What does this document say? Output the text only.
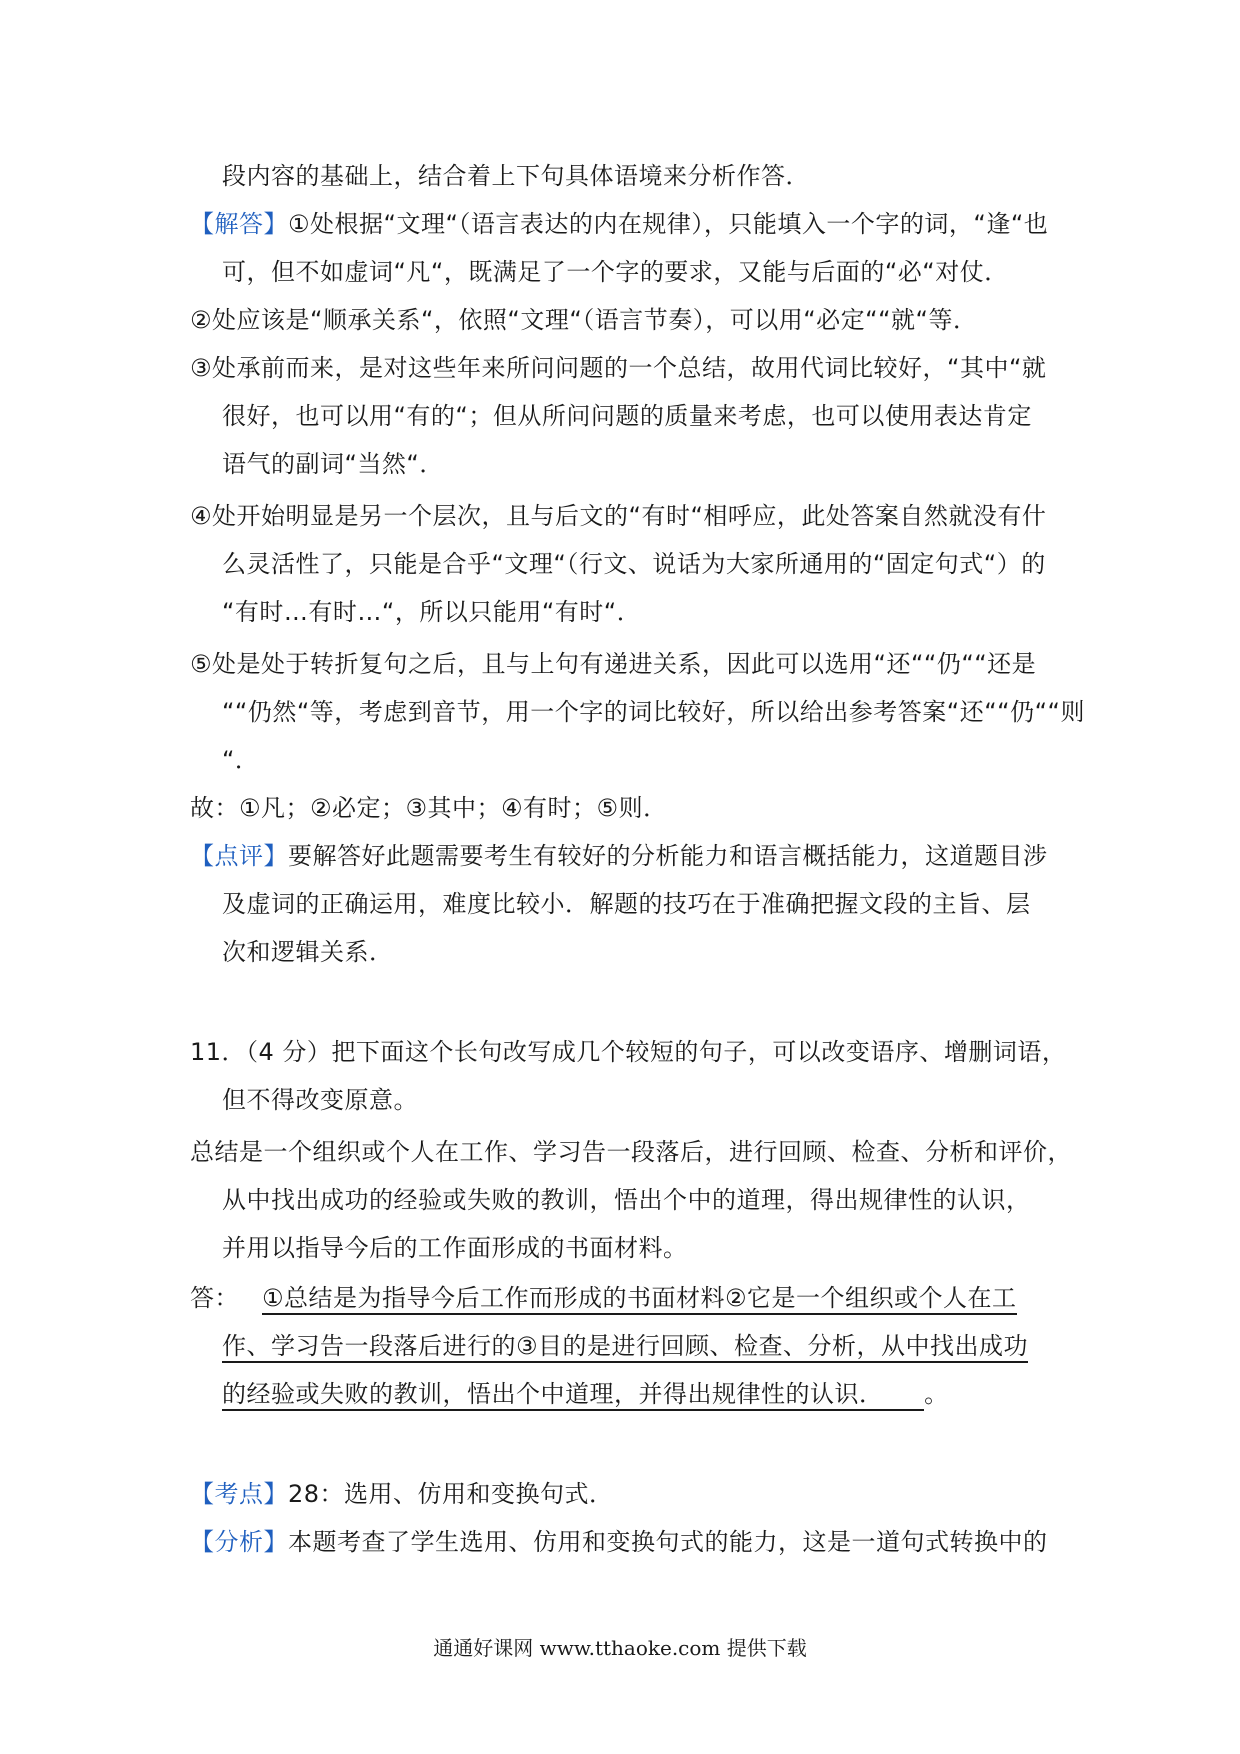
段内容的基础上，结合着上下句具体语境来分析作答．
【解答】①处根据“文理“（语言表达的内在规律），只能填入一个字的词，“逢“也
可，但不如虚词“凡“，既满足了一个字的要求，又能与后面的“必“对仗．
②处应该是“顺承关系“，依照“文理“（语言节奏），可以用“必定““就“等．
③处承前而来，是对这些年来所问问题的一个总结，故用代词比较好，“其中“就
很好，也可以用“有的“；但从所问问题的质量来考虑，也可以使用表达肯定
语气的副词“当然“．
④处开始明显是另一个层次，且与后文的“有时“相呼应，此处答案自然就没有什
么灵活性了，只能是合乎“文理“（行文、说话为大家所通用的“固定句式“）的
“有时…有时…“，所以只能用“有时“．
⑤处是处于转折复句之后，且与上句有递进关系，因此可以选用“还““仍““还是
““仍然“等，考虑到音节，用一个字的词比较好，所以给出参考答案“还““仍““则
“．
故：①凡；②必定；③其中；④有时；⑤则．
【点评】要解答好此题需要考生有较好的分析能力和语言概括能力，这道题目涉
及虚词的正确运用，难度比较小．解题的技巧在于准确把握文段的主旨、层
次和逻辑关系．
11．（4 分）把下面这个长句改写成几个较短的句子，可以改变语序、增删词语，
但不得改变原意。
总结是一个组织或个人在工作、学习告一段落后，进行回顾、检查、分析和评价，
从中找出成功的经验或失败的教训，悟出个中的道理，得出规律性的认识，
并用以指导今后的工作面形成的书面材料。
答： ①总结是为指导今后工作而形成的书面材料②它是一个组织或个人在工
作、学习告一段落后进行的③目的是进行回顾、检查、分析，从中找出成功
的经验或失败的教训，悟出个中道理，并得出规律性的认识． 。
【考点】28：选用、仿用和变换句式．
【分析】本题考查了学生选用、仿用和变换句式的能力，这是一道句式转换中的
通通好课网 www.tthaoke.com 提供下载
